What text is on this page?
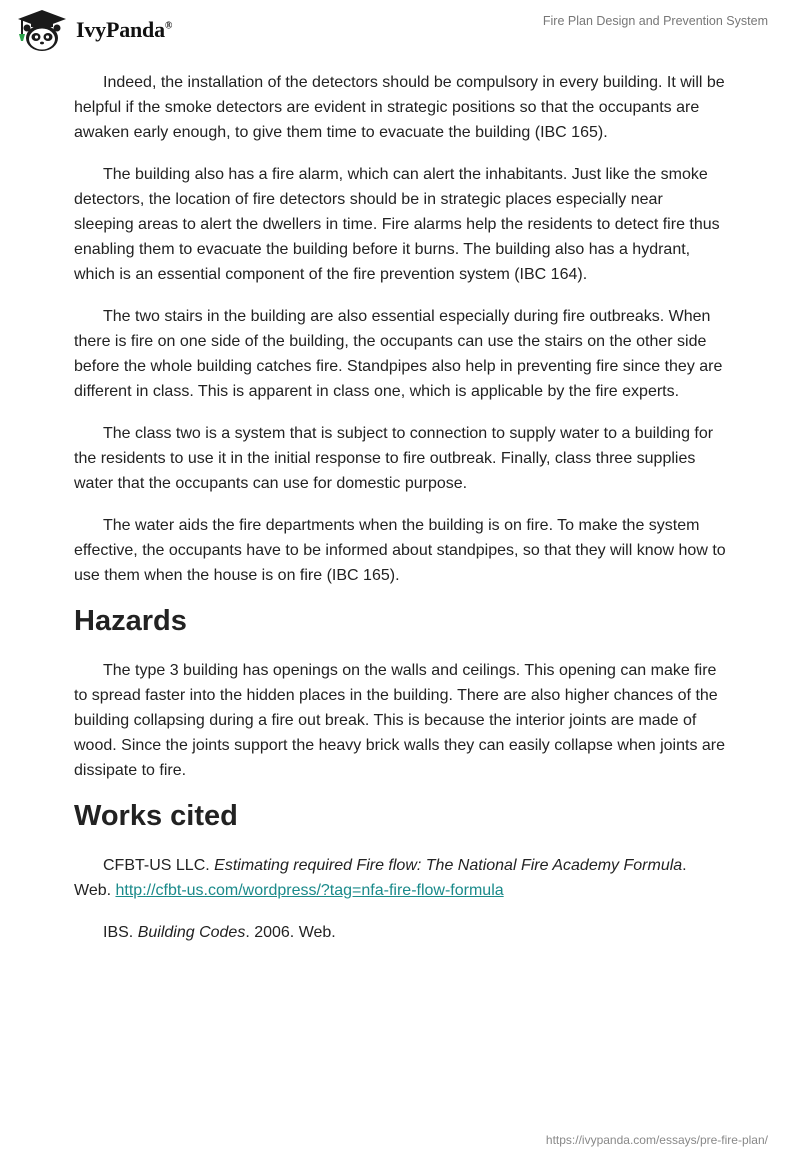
IvyPanda®	Fire Plan Design and Prevention System

Indeed, the installation of the detectors should be compulsory in every building. It will be helpful if the smoke detectors are evident in strategic positions so that the occupants are awaken early enough, to give them time to evacuate the building (IBC 165).

The building also has a fire alarm, which can alert the inhabitants. Just like the smoke detectors, the location of fire detectors should be in strategic places especially near sleeping areas to alert the dwellers in time. Fire alarms help the residents to detect fire thus enabling them to evacuate the building before it burns. The building also has a hydrant, which is an essential component of the fire prevention system (IBC 164).

The two stairs in the building are also essential especially during fire outbreaks. When there is fire on one side of the building, the occupants can use the stairs on the other side before the whole building catches fire. Standpipes also help in preventing fire since they are different in class. This is apparent in class one, which is applicable by the fire experts.

The class two is a system that is subject to connection to supply water to a building for the residents to use it in the initial response to fire outbreak. Finally, class three supplies water that the occupants can use for domestic purpose.

The water aids the fire departments when the building is on fire. To make the system effective, the occupants have to be informed about standpipes, so that they will know how to use them when the house is on fire (IBC 165).

Hazards

The type 3 building has openings on the walls and ceilings. This opening can make fire to spread faster into the hidden places in the building. There are also higher chances of the building collapsing during a fire out break. This is because the interior joints are made of wood. Since the joints support the heavy brick walls they can easily collapse when joints are dissipate to fire.

Works cited

CFBT-US LLC. Estimating required Fire flow: The National Fire Academy Formula. Web. http://cfbt-us.com/wordpress/?tag=nfa-fire-flow-formula

IBS. Building Codes. 2006. Web.

https://ivypanda.com/essays/pre-fire-plan/
